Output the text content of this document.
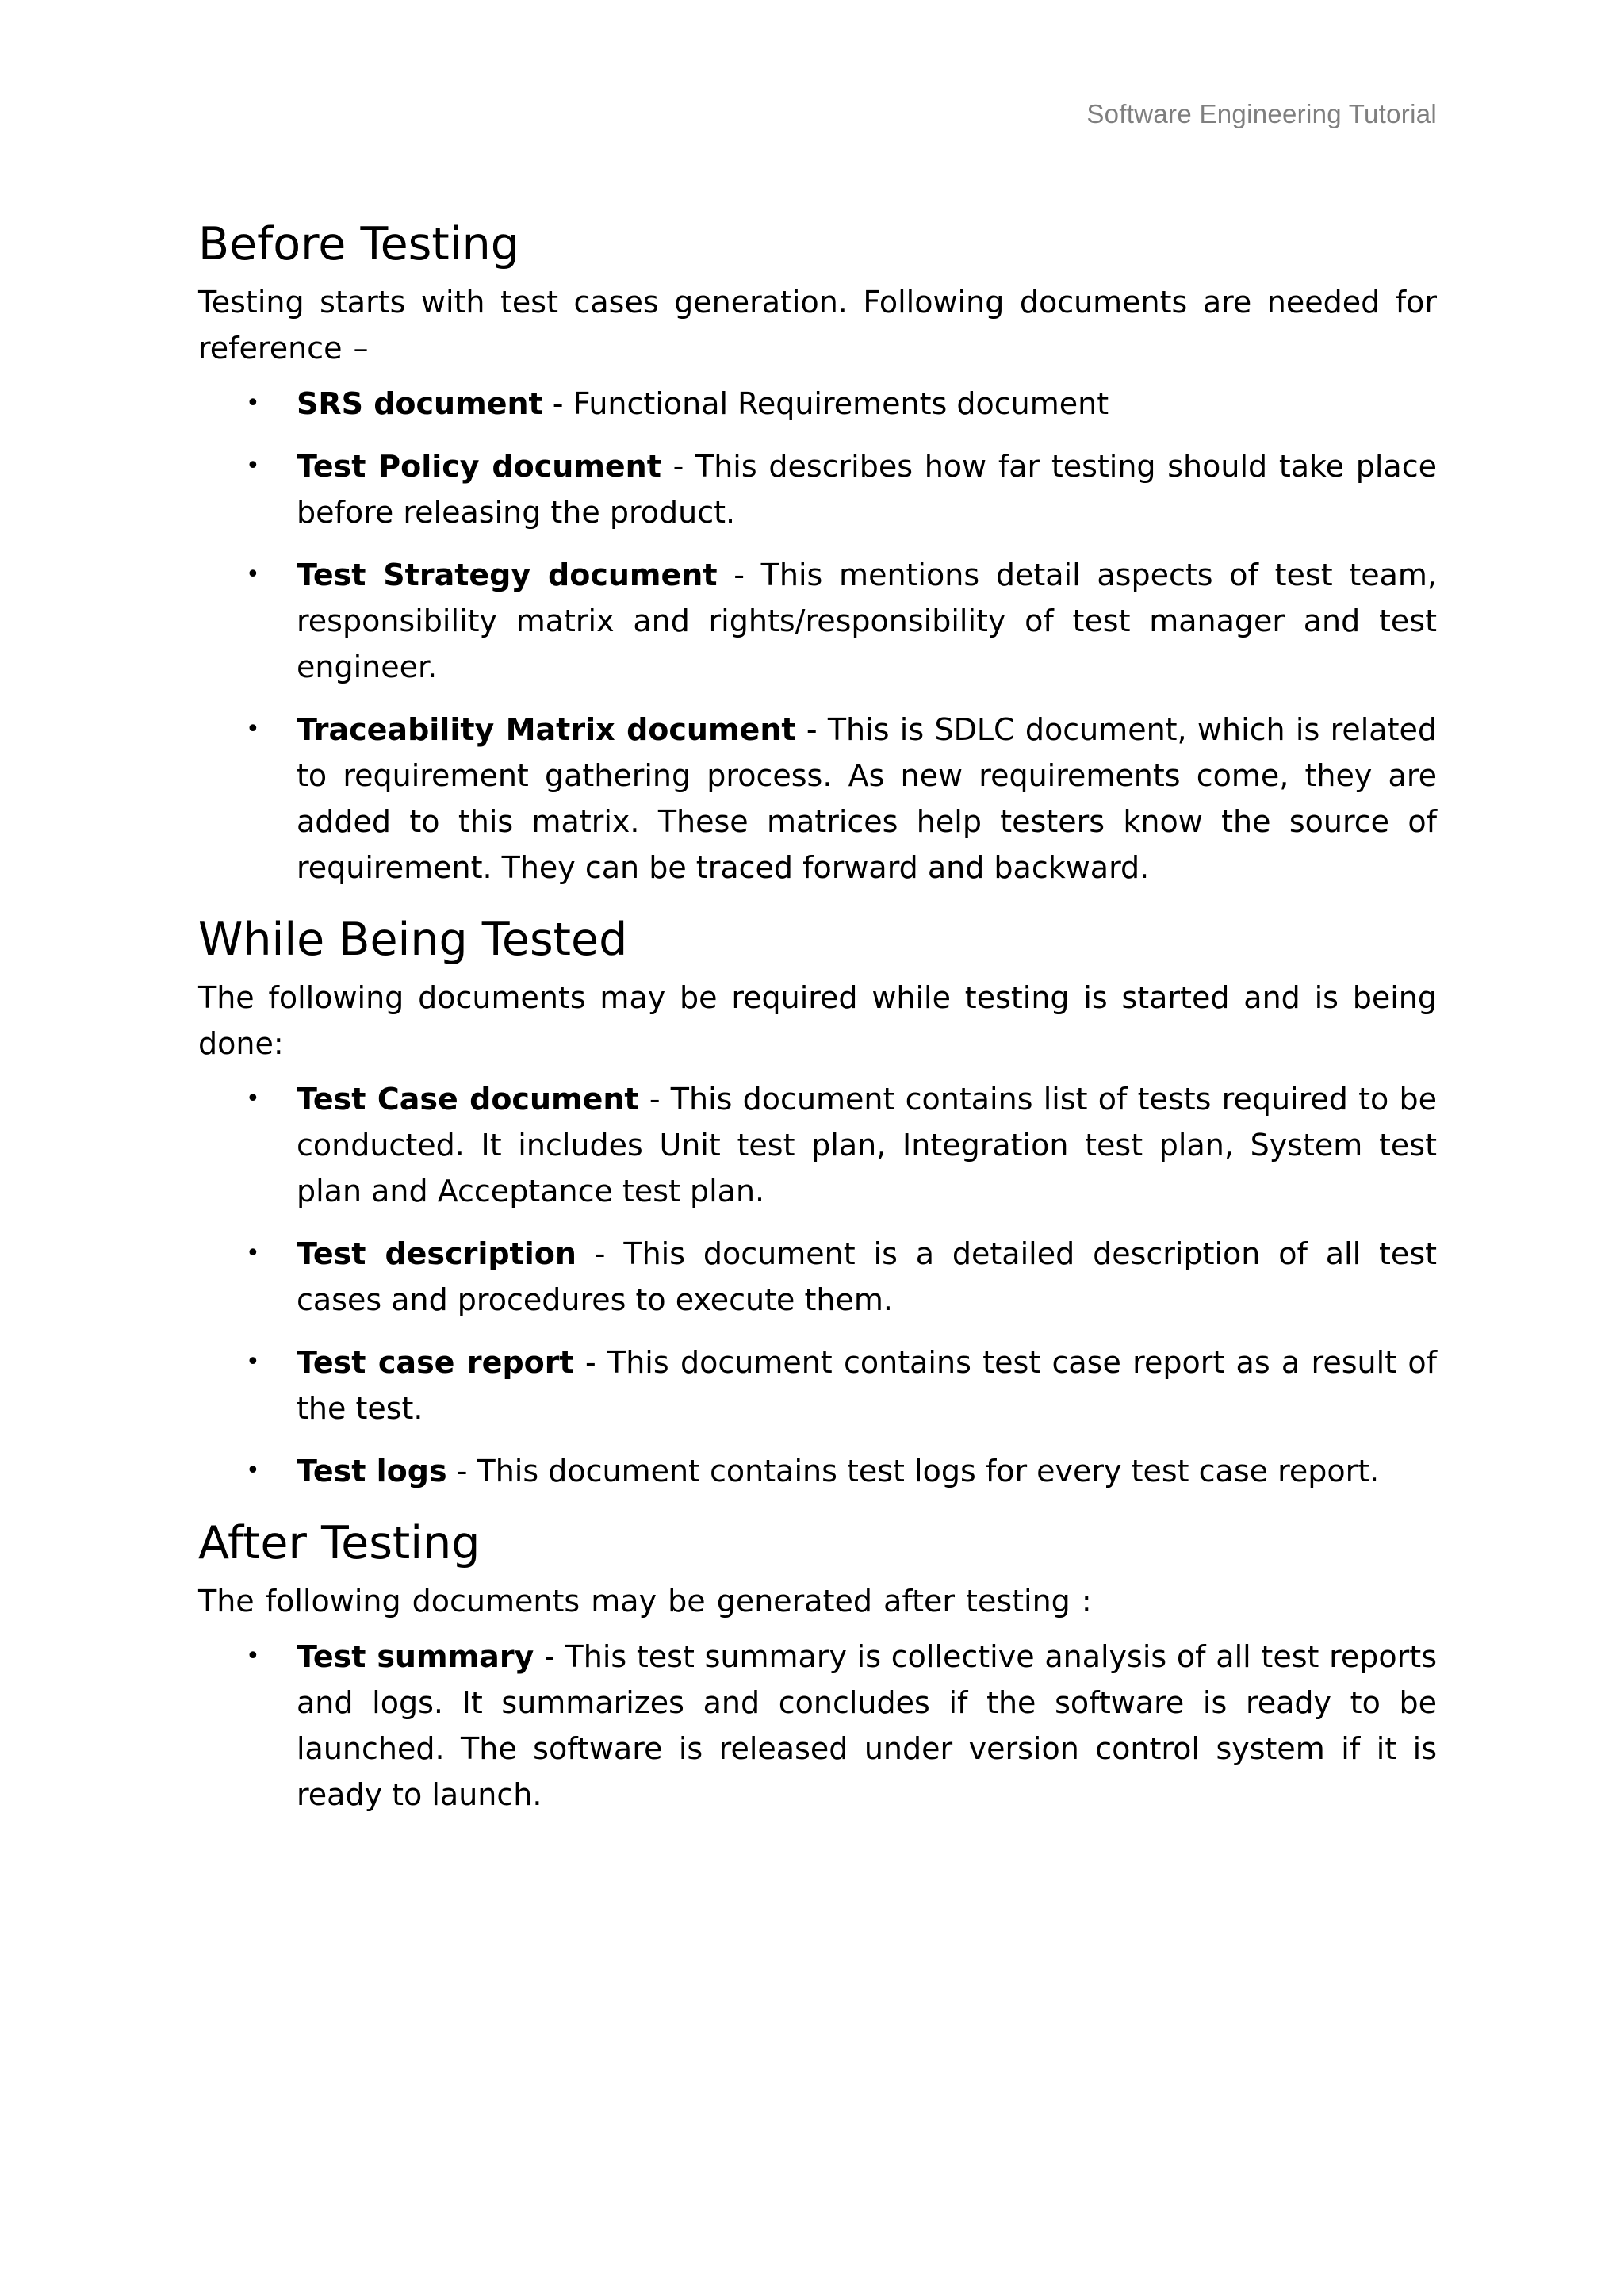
Software Engineering Tutorial
Before Testing

Testing starts with test cases generation. Following documents are needed for reference –

• SRS document - Functional Requirements document
• Test Policy document - This describes how far testing should take place before releasing the product.
• Test Strategy document - This mentions detail aspects of test team, responsibility matrix and rights/responsibility of test manager and test engineer.
• Traceability Matrix document - This is SDLC document, which is related to requirement gathering process. As new requirements come, they are added to this matrix. These matrices help testers know the source of requirement. They can be traced forward and backward.
While Being Tested

The following documents may be required while testing is started and is being done:

• Test Case document - This document contains list of tests required to be conducted. It includes Unit test plan, Integration test plan, System test plan and Acceptance test plan.
• Test description - This document is a detailed description of all test cases and procedures to execute them.
• Test case report - This document contains test case report as a result of the test.
• Test logs - This document contains test logs for every test case report.
After Testing

The following documents may be generated after testing :

• Test summary - This test summary is collective analysis of all test reports and logs. It summarizes and concludes if the software is ready to be launched. The software is released under version control system if it is ready to launch.
